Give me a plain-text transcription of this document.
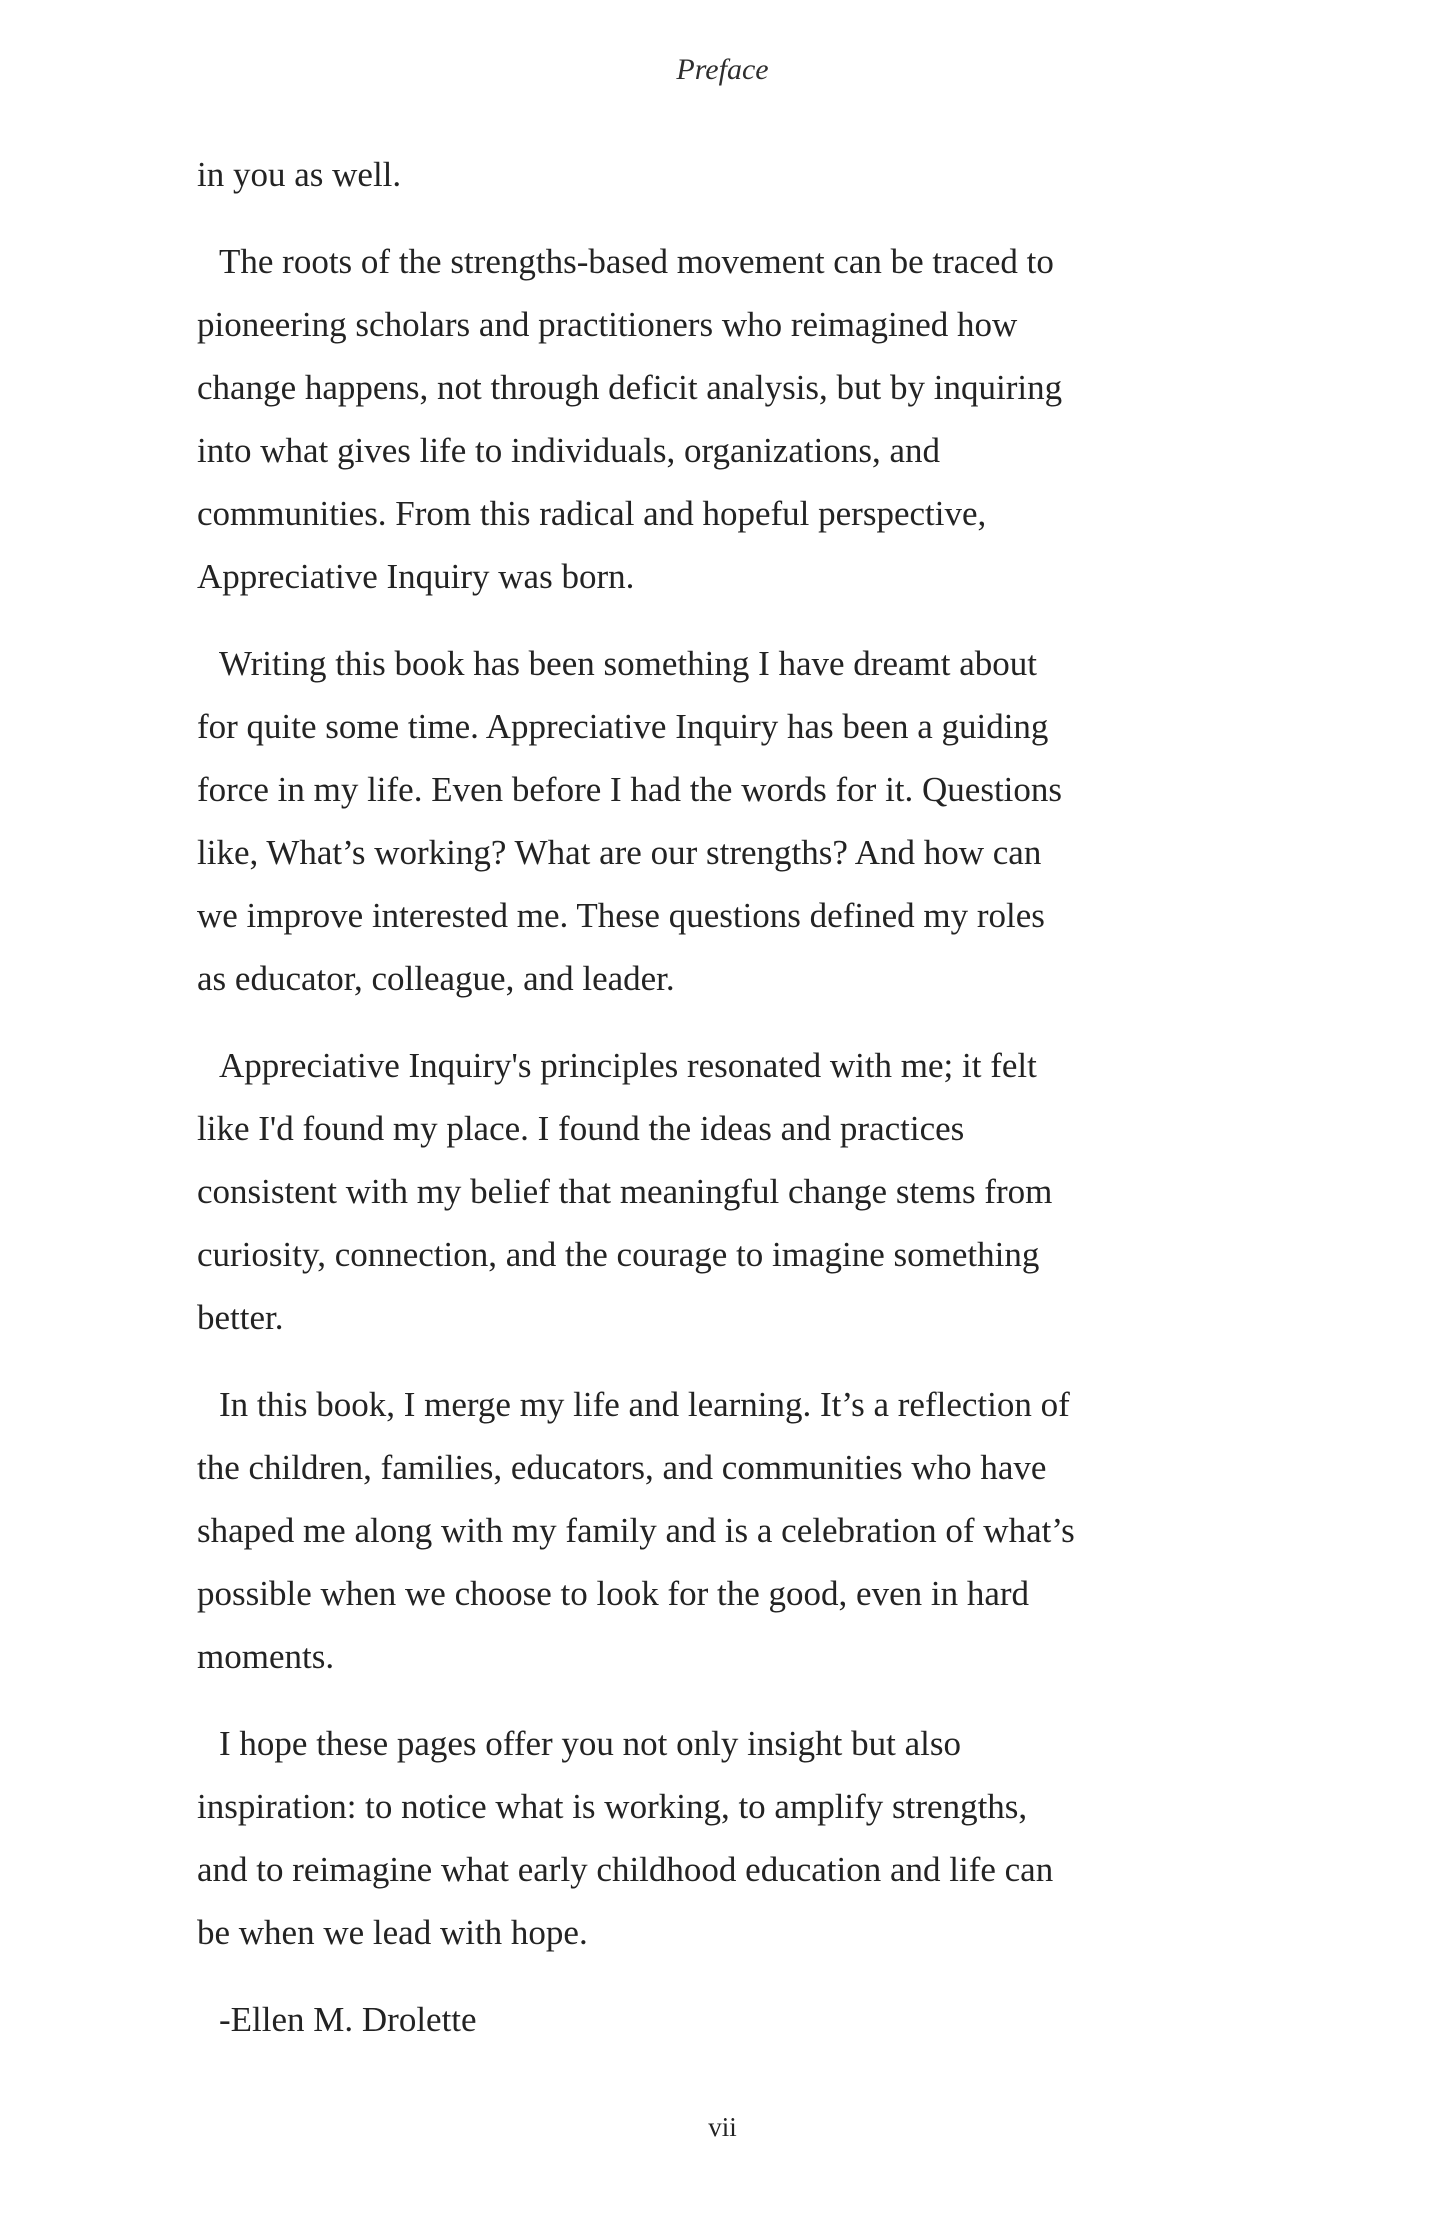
Preface
in you as well.
The roots of the strengths-based movement can be traced to
pioneering scholars and practitioners who reimagined how
change happens, not through deficit analysis, but by inquiring
into what gives life to individuals, organizations, and
communities. From this radical and hopeful perspective,
Appreciative Inquiry was born.
Writing this book has been something I have dreamt about
for quite some time. Appreciative Inquiry has been a guiding
force in my life. Even before I had the words for it. Questions
like, What’s working? What are our strengths? And how can
we improve interested me. These questions defined my roles
as educator, colleague, and leader.
Appreciative Inquiry's principles resonated with me; it felt
like I'd found my place. I found the ideas and practices
consistent with my belief that meaningful change stems from
curiosity, connection, and the courage to imagine something
better.
In this book, I merge my life and learning. It’s a reflection of
the children, families, educators, and communities who have
shaped me along with my family and is a celebration of what’s
possible when we choose to look for the good, even in hard
moments.
I hope these pages offer you not only insight but also
inspiration: to notice what is working, to amplify strengths,
and to reimagine what early childhood education and life can
be when we lead with hope.
-Ellen M. Drolette
vii
